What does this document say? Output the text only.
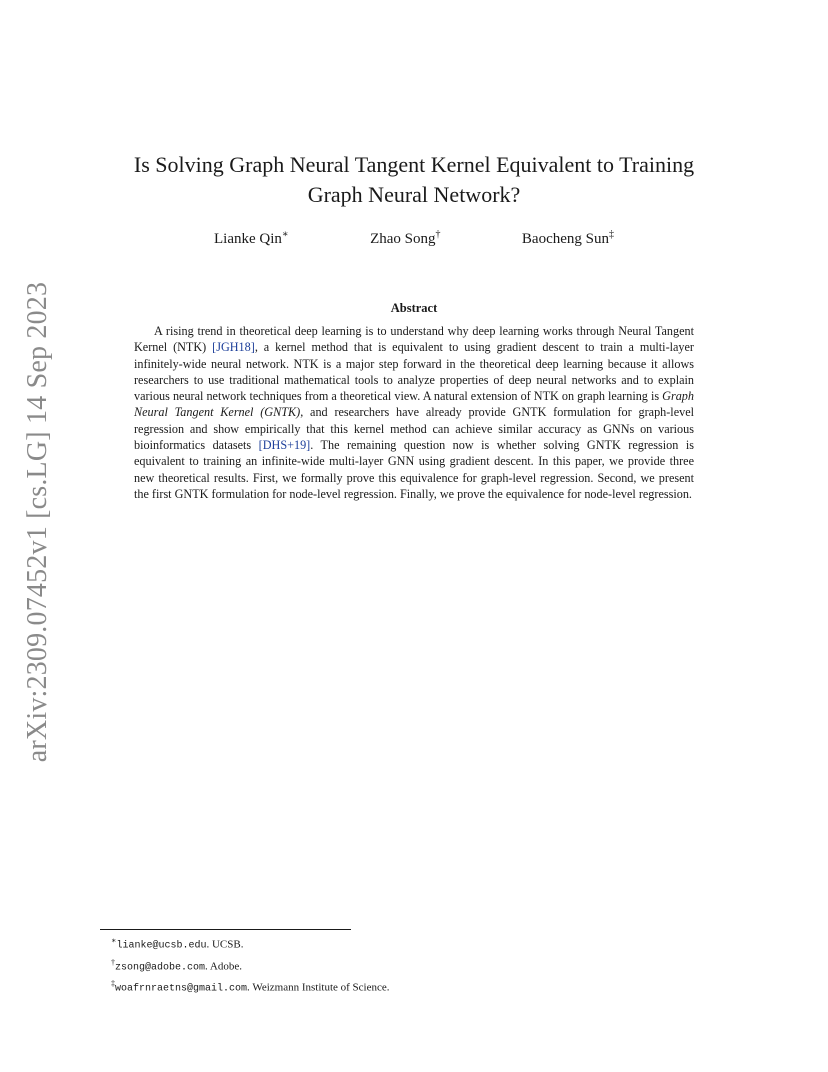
arXiv:2309.07452v1 [cs.LG] 14 Sep 2023
Is Solving Graph Neural Tangent Kernel Equivalent to Training
Graph Neural Network?
Lianke Qin∗	Zhao Song†	Baocheng Sun‡
Abstract

A rising trend in theoretical deep learning is to understand why deep learning works through Neural Tangent Kernel (NTK) [JGH18], a kernel method that is equivalent to using gradient descent to train a multi-layer infinitely-wide neural network. NTK is a major step forward in the theoretical deep learning because it allows researchers to use traditional mathematical tools to analyze properties of deep neural networks and to explain various neural network techniques from a theoretical view. A natural extension of NTK on graph learning is Graph Neural Tangent Kernel (GNTK), and researchers have already provide GNTK formulation for graph-level regression and show empirically that this kernel method can achieve similar accuracy as GNNs on various bioinformatics datasets [DHS+19]. The remaining question now is whether solving GNTK regression is equivalent to training an infinite-wide multi-layer GNN using gradient descent. In this paper, we provide three new theoretical results. First, we formally prove this equivalence for graph-level regression. Second, we present the first GNTK formulation for node-level regression. Finally, we prove the equivalence for node-level regression.

∗lianke@ucsb.edu. UCSB.
†zsong@adobe.com. Adobe.
‡woafrnraetns@gmail.com. Weizmann Institute of Science.
